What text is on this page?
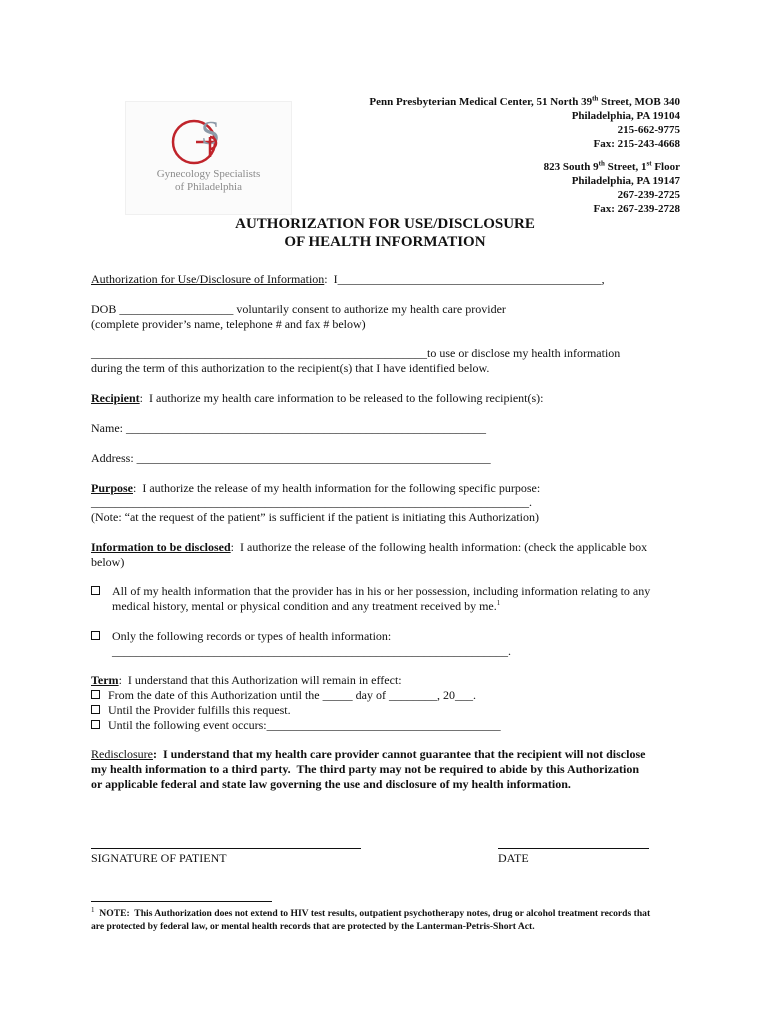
S
Gynecology Specialists
of Philadelphia
Penn Presbyterian Medical Center, 51 North 39th Street, MOB 340
Philadelphia, PA 19104
215-662-9775
Fax: 215-243-4668
823 South 9th Street, 1st Floor
Philadelphia, PA 19147
267-239-2725
Fax: 267-239-2728
AUTHORIZATION FOR USE/DISCLOSURE
OF HEALTH INFORMATION
Authorization for Use/Disclosure of Information:  I____________________________________________,
DOB ___________________ voluntarily consent to authorize my health care provider
(complete provider’s name, telephone # and fax # below)
________________________________________________________to use or disclose my health information
during the term of this authorization to the recipient(s) that I have identified below.
Recipient:  I authorize my health care information to be released to the following recipient(s):
Name: ____________________________________________________________
Address: ___________________________________________________________
Purpose:  I authorize the release of my health information for the following specific purpose:
_________________________________________________________________________.
(Note: “at the request of the patient” is sufficient if the patient is initiating this Authorization)
Information to be disclosed:  I authorize the release of the following health information: (check the applicable box
below)
All of my health information that the provider has in his or her possession, including information relating to any
medical history, mental or physical condition and any treatment received by me.$^1$
Only the following records or types of health information:
__________________________________________________________________.
Term:  I understand that this Authorization will remain in effect:
From the date of this Authorization until the _____ day of ________, 20___.
Until the Provider fulfills this request.
Until the following event occurs:_______________________________________
Redisclosure:  I understand that my health care provider cannot guarantee that the recipient will not disclose
my health information to a third party.  The third party may not be required to abide by this Authorization
or applicable federal and state law governing the use and disclosure of my health information.
SIGNATURE OF PATIENT	DATE
$^1$  NOTE:  This Authorization does not extend to HIV test results, outpatient psychotherapy notes, drug or alcohol treatment records that
are protected by federal law, or mental health records that are protected by the Lanterman-Petris-Short Act.
